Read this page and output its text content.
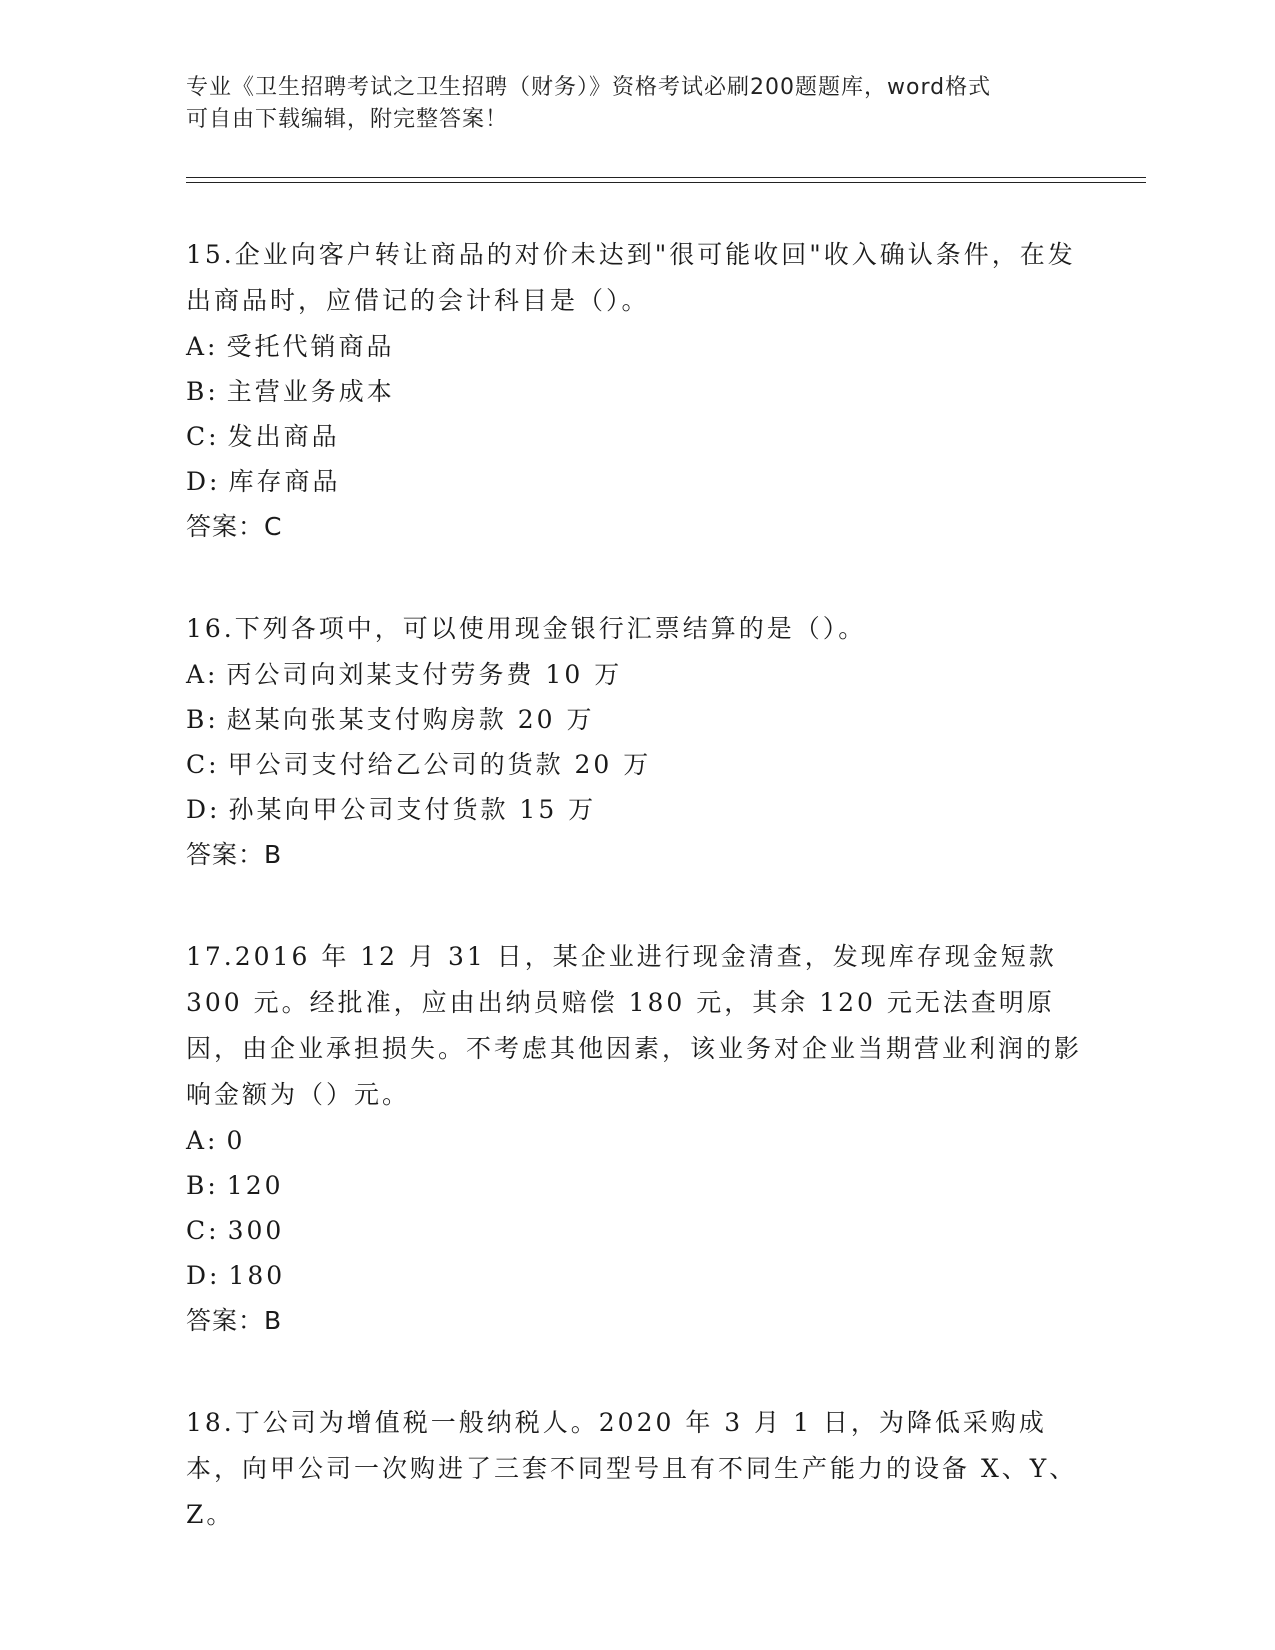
专业《卫生招聘考试之卫生招聘（财务）》资格考试必刷200题题库，word格式
可自由下载编辑，附完整答案！
15.企业向客户转让商品的对价未达到"很可能收回"收入确认条件，在发出商品时，应借记的会计科目是（）。
A: 受托代销商品
B: 主营业务成本
C: 发出商品
D: 库存商品
答案：C
16.下列各项中，可以使用现金银行汇票结算的是（）。
A: 丙公司向刘某支付劳务费 10 万
B: 赵某向张某支付购房款 20 万
C: 甲公司支付给乙公司的货款 20 万
D: 孙某向甲公司支付货款 15 万
答案：B
17.2016 年 12 月 31 日，某企业进行现金清查，发现库存现金短款 300 元。经批准，应由出纳员赔偿 180 元，其余 120 元无法查明原因，由企业承担损失。不考虑其他因素，该业务对企业当期营业利润的影响金额为（）元。
A: 0
B: 120
C: 300
D: 180
答案：B
18.丁公司为增值税一般纳税人。2020 年 3 月 1 日，为降低采购成本，向甲公司一次购进了三套不同型号且有不同生产能力的设备 X、Y、Z。
